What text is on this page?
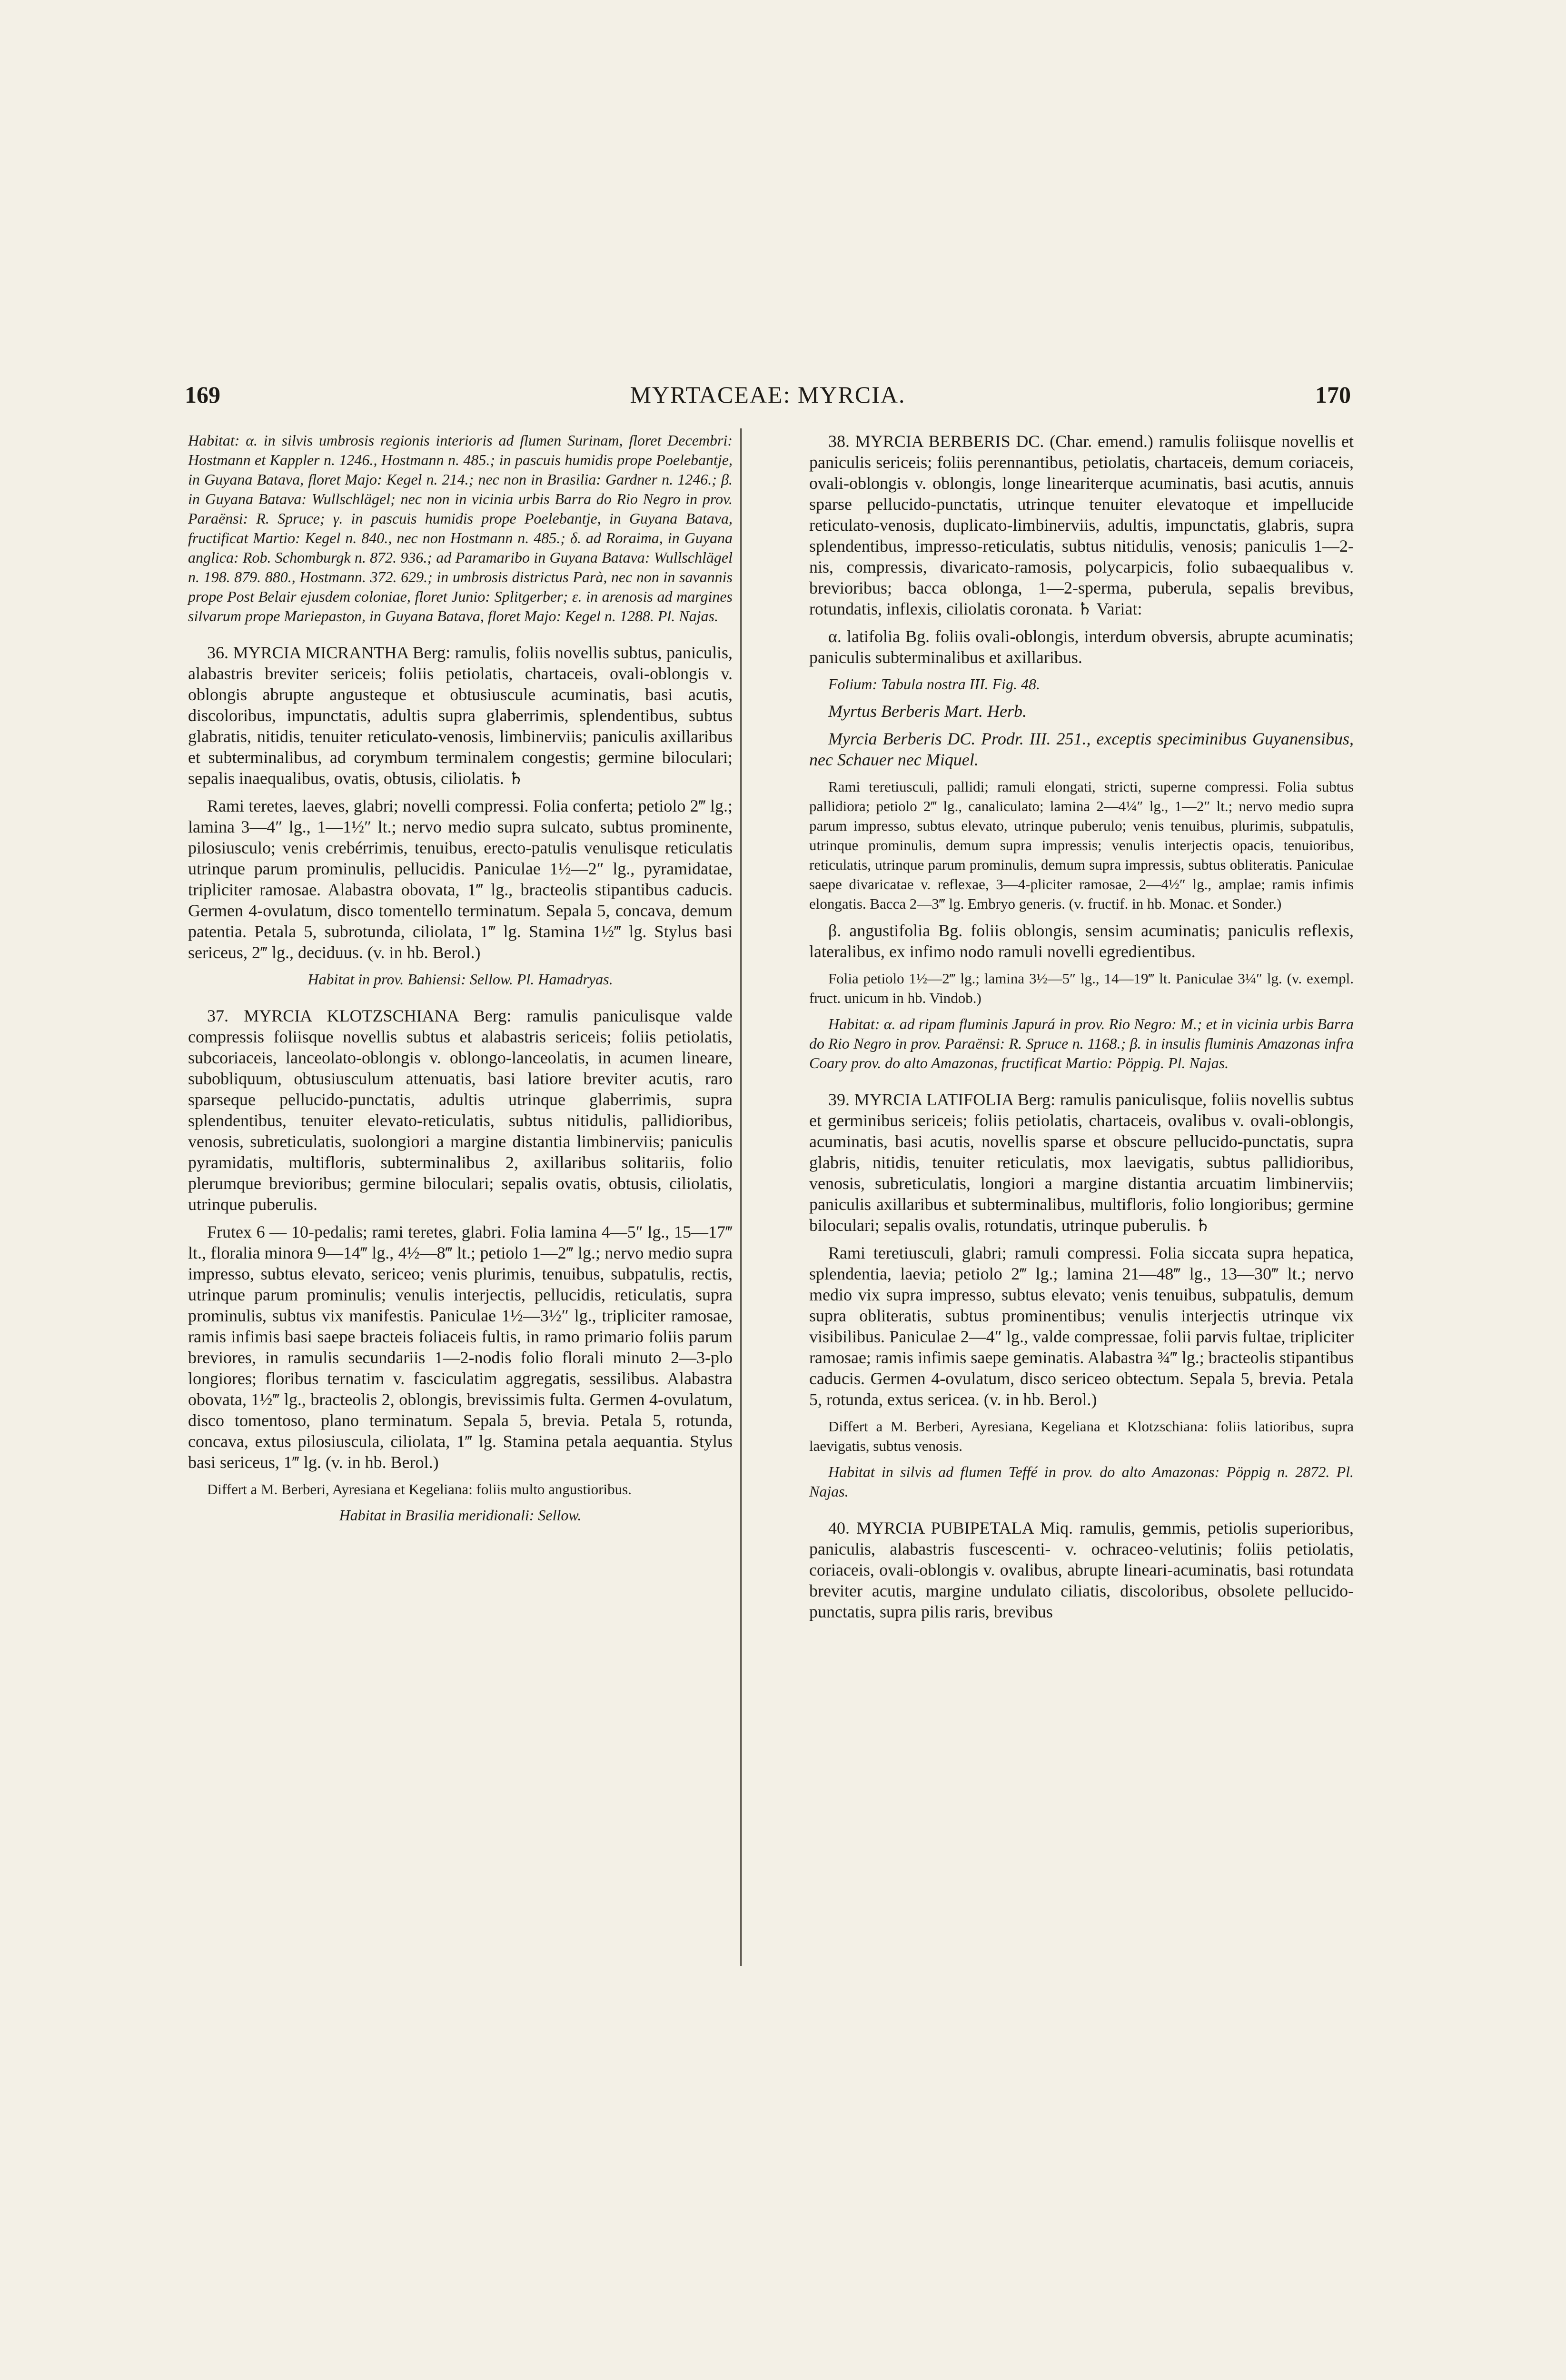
169	MYRTACEAE: MYRCIA.	170

Habitat: α. in silvis umbrosis regionis interioris ad flumen Surinam, floret Decembri: Hostmann et Kappler n. 1246., Hostmann n. 485.; in pascuis humidis prope Poelebantje, in Guyana Batava, floret Majo: Kegel n. 214.; nec non in Brasilia: Gardner n. 1246.; β. in Guyana Batava: Wullschlägel; nec non in vicinia urbis Barra do Rio Negro in prov. Paraënsi: R. Spruce; γ. in pascuis humidis prope Poelebantje, in Guyana Batava, fructificat Martio: Kegel n. 840., nec non Hostmann n. 485.; δ. ad Roraima, in Guyana anglica: Rob. Schomburgk n. 872. 936.; ad Paramaribo in Guyana Batava: Wullschlägel n. 198. 879. 880., Hostmann. 372. 629.; in umbrosis districtus Parà, nec non in savannis prope Post Belair ejusdem coloniae, floret Junio: Splitgerber; ε. in arenosis ad margines silvarum prope Mariepaston, in Guyana Batava, floret Majo: Kegel n. 1288. Pl. Najas.

36. MYRCIA MICRANTHA Berg: ramulis, foliis novellis subtus, paniculis, alabastris breviter sericeis; foliis petiolatis, chartaceis, ovali-oblongis v. oblongis abrupte angusteque et obtusiuscule acuminatis, basi acutis, discoloribus, impunctatis, adultis supra glaberrimis, splendentibus, subtus glabratis, nitidis, tenuiter reticulato-venosis, limbinerviis; paniculis axillaribus et subterminalibus, ad corymbum terminalem congestis; germine biloculari; sepalis inaequalibus, ovatis, obtusis, ciliolatis. ♄

Rami teretes, laeves, glabri; novelli compressi. Folia conferta; petiolo 2‴ lg.; lamina 3—4″ lg., 1—1½″ lt.; nervo medio supra sulcato, subtus prominente, pilosiusculo; venis crebérrimis, tenuibus, erecto-patulis venulisque reticulatis utrinque parum prominulis, pellucidis. Paniculae 1½—2″ lg., pyramidatae, tripliciter ramosae. Alabastra obovata, 1‴ lg., bracteolis stipantibus caducis. Germen 4-ovulatum, disco tomentello terminatum. Sepala 5, concava, demum patentia. Petala 5, subrotunda, ciliolata, 1‴ lg. Stamina 1½‴ lg. Stylus basi sericeus, 2‴ lg., deciduus. (v. in hb. Berol.)

Habitat in prov. Bahiensi: Sellow. Pl. Hamadryas.

37. MYRCIA KLOTZSCHIANA Berg: ramulis paniculisque valde compressis foliisque novellis subtus et alabastris sericeis; foliis petiolatis, subcoriaceis, lanceolato-oblongis v. oblongo-lanceolatis, in acumen lineare, subobliquum, obtusiusculum attenuatis, basi latiore breviter acutis, raro sparseque pellucido-punctatis, adultis utrinque glaberrimis, supra splendentibus, tenuiter elevato-reticulatis, subtus nitidulis, pallidioribus, venosis, subreticulatis, suolongiori a margine distantia limbinerviis; paniculis pyramidatis, multifloris, subterminalibus 2, axillaribus solitariis, folio plerumque brevioribus; germine biloculari; sepalis ovatis, obtusis, ciliolatis, utrinque puberulis.

Frutex 6 — 10-pedalis; rami teretes, glabri. Folia lamina 4—5″ lg., 15—17‴ lt., floralia minora 9—14‴ lg., 4½—8‴ lt.; petiolo 1—2‴ lg.; nervo medio supra impresso, subtus elevato, sericeo; venis plurimis, tenuibus, subpatulis, rectis, utrinque parum prominulis; venulis interjectis, pellucidis, reticulatis, supra prominulis, subtus vix manifestis. Paniculae 1½—3½″ lg., tripliciter ramosae, ramis infimis basi saepe bracteis foliaceis fultis, in ramo primario foliis parum breviores, in ramulis secundariis 1—2-nodis folio florali minuto 2—3-plo longiores; floribus ternatim v. fasciculatim aggregatis, sessilibus. Alabastra obovata, 1½‴ lg., bracteolis 2, oblongis, brevissimis fulta. Germen 4-ovulatum, disco tomentoso, plano terminatum. Sepala 5, brevia. Petala 5, rotunda, concava, extus pilosiuscula, ciliolata, 1‴ lg. Stamina petala aequantia. Stylus basi sericeus, 1‴ lg. (v. in hb. Berol.)

Differt a M. Berberi, Ayresiana et Kegeliana: foliis multo angustioribus.

Habitat in Brasilia meridionali: Sellow.

38. MYRCIA BERBERIS DC. (Char. emend.) ramulis foliisque novellis et paniculis sericeis; foliis perennantibus, petiolatis, chartaceis, demum coriaceis, ovali-oblongis v. oblongis, longe lineariterque acuminatis, basi acutis, annuis sparse pellucido-punctatis, utrinque tenuiter elevatoque et impellucide reticulato-venosis, duplicato-limbinerviis, adultis, impunctatis, glabris, supra splendentibus, impresso-reticulatis, subtus nitidulis, venosis; paniculis 1—2-nis, compressis, divaricato-ramosis, polycarpicis, folio subaequalibus v. brevioribus; bacca oblonga, 1—2-sperma, puberula, sepalis brevibus, rotundatis, inflexis, ciliolatis coronata. ♄ Variat:

α. latifolia Bg. foliis ovali-oblongis, interdum obversis, abrupte acuminatis; paniculis subterminalibus et axillaribus.

Folium: Tabula nostra III. Fig. 48.

Myrtus Berberis Mart. Herb.

Myrcia Berberis DC. Prodr. III. 251., exceptis speciminibus Guyanensibus, nec Schauer nec Miquel.

Rami teretiusculi, pallidi; ramuli elongati, stricti, superne compressi. Folia subtus pallidiora; petiolo 2‴ lg., canaliculato; lamina 2—4¼″ lg., 1—2″ lt.; nervo medio supra parum impresso, subtus elevato, utrinque puberulo; venis tenuibus, plurimis, subpatulis, utrinque prominulis, demum supra impressis; venulis interjectis opacis, tenuioribus, reticulatis, utrinque parum prominulis, demum supra impressis, subtus obliteratis. Paniculae saepe divaricatae v. reflexae, 3—4-pliciter ramosae, 2—4½″ lg., amplae; ramis infimis elongatis. Bacca 2—3‴ lg. Embryo generis. (v. fructif. in hb. Monac. et Sonder.)

β. angustifolia Bg. foliis oblongis, sensim acuminatis; paniculis reflexis, lateralibus, ex infimo nodo ramuli novelli egredientibus.

Folia petiolo 1½—2‴ lg.; lamina 3½—5″ lg., 14—19‴ lt. Paniculae 3¼″ lg. (v. exempl. fruct. unicum in hb. Vindob.)

Habitat: α. ad ripam fluminis Japurá in prov. Rio Negro: M.; et in vicinia urbis Barra do Rio Negro in prov. Paraënsi: R. Spruce n. 1168.; β. in insulis fluminis Amazonas infra Coary prov. do alto Amazonas, fructificat Martio: Pöppig. Pl. Najas.

39. MYRCIA LATIFOLIA Berg: ramulis paniculisque, foliis novellis subtus et germinibus sericeis; foliis petiolatis, chartaceis, ovalibus v. ovali-oblongis, acuminatis, basi acutis, novellis sparse et obscure pellucido-punctatis, supra glabris, nitidis, tenuiter reticulatis, mox laevigatis, subtus pallidioribus, venosis, subreticulatis, longiori a margine distantia arcuatim limbinerviis; paniculis axillaribus et subterminalibus, multifloris, folio longioribus; germine biloculari; sepalis ovalis, rotundatis, utrinque puberulis. ♄

Rami teretiusculi, glabri; ramuli compressi. Folia siccata supra hepatica, splendentia, laevia; petiolo 2‴ lg.; lamina 21—48‴ lg., 13—30‴ lt.; nervo medio vix supra impresso, subtus elevato; venis tenuibus, subpatulis, demum supra obliteratis, subtus prominentibus; venulis interjectis utrinque vix visibilibus. Paniculae 2—4″ lg., valde compressae, folii parvis fultae, tripliciter ramosae; ramis infimis saepe geminatis. Alabastra ¾‴ lg.; bracteolis stipantibus caducis. Germen 4-ovulatum, disco sericeo obtectum. Sepala 5, brevia. Petala 5, rotunda, extus sericea. (v. in hb. Berol.)

Differt a M. Berberi, Ayresiana, Kegeliana et Klotzschiana: foliis latioribus, supra laevigatis, subtus venosis.

Habitat in silvis ad flumen Teffé in prov. do alto Amazonas: Pöppig n. 2872. Pl. Najas.

40. MYRCIA PUBIPETALA Miq. ramulis, gemmis, petiolis superioribus, paniculis, alabastris fuscescenti- v. ochraceo-velutinis; foliis petiolatis, coriaceis, ovali-oblongis v. ovalibus, abrupte lineari-acuminatis, basi rotundata breviter acutis, margine undulato ciliatis, discoloribus, obsolete pellucido-punctatis, supra pilis raris, brevibus
